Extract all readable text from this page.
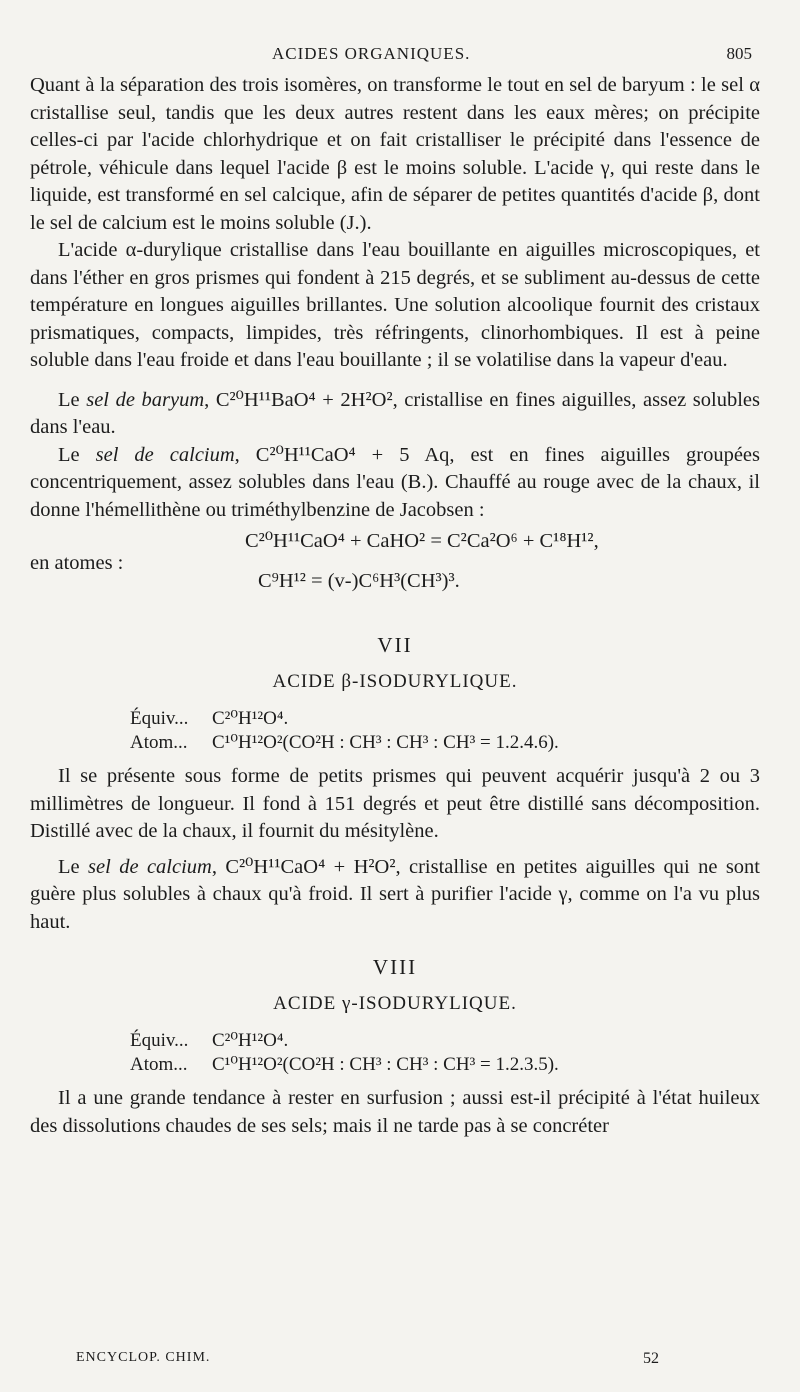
ACIDES ORGANIQUES.	805

Quant à la séparation des trois isomères, on transforme le tout en sel de baryum : le sel α cristallise seul, tandis que les deux autres restent dans les eaux mères; on précipite celles-ci par l'acide chlorhydrique et on fait cristalliser le précipité dans l'essence de pétrole, véhicule dans lequel l'acide β est le moins soluble. L'acide γ, qui reste dans le liquide, est transformé en sel calcique, afin de séparer de petites quantités d'acide β, dont le sel de calcium est le moins soluble (J.).

L'acide α-durylique cristallise dans l'eau bouillante en aiguilles microscopiques, et dans l'éther en gros prismes qui fondent à 215 degrés, et se subliment au-dessus de cette température en longues aiguilles brillantes. Une solution alcoolique fournit des cristaux prismatiques, compacts, limpides, très réfringents, clinorhombiques. Il est à peine soluble dans l'eau froide et dans l'eau bouillante ; il se volatilise dans la vapeur d'eau.

Le sel de baryum, C²⁰H¹¹BaO⁴ + 2H²O², cristallise en fines aiguilles, assez solubles dans l'eau.

Le sel de calcium, C²⁰H¹¹CaO⁴ + 5 Aq, est en fines aiguilles groupées concentriquement, assez solubles dans l'eau (B.). Chauffé au rouge avec de la chaux, il donne l'hémellithène ou triméthylbenzine de Jacobsen :

en atomes :
C²⁰H¹¹CaO⁴ + CaHO² = C²Ca²O⁶ + C¹⁸H¹²,
C⁹H¹² = (v-)C⁶H³(CH³)³.
VII
ACIDE β-ISODURYLIQUE.
Équiv... C²⁰H¹²O⁴.
Atom... C¹⁰H¹²O²(CO²H : CH³ : CH³ : CH³ = 1.2.4.6).

Il se présente sous forme de petits prismes qui peuvent acquérir jusqu'à 2 ou 3 millimètres de longueur. Il fond à 151 degrés et peut être distillé sans décomposition. Distillé avec de la chaux, il fournit du mésitylène.

Le sel de calcium, C²⁰H¹¹CaO⁴ + H²O², cristallise en petites aiguilles qui ne sont guère plus solubles à chaux qu'à froid. Il sert à purifier l'acide γ, comme on l'a vu plus haut.

VIII
ACIDE γ-ISODURYLIQUE.
Équiv... C²⁰H¹²O⁴.
Atom... C¹⁰H¹²O²(CO²H : CH³ : CH³ : CH³ = 1.2.3.5).

Il a une grande tendance à rester en surfusion ; aussi est-il précipité à l'état huileux des dissolutions chaudes de ses sels; mais il ne tarde pas à se concréter

ENCYCLOP. CHIM.	52
